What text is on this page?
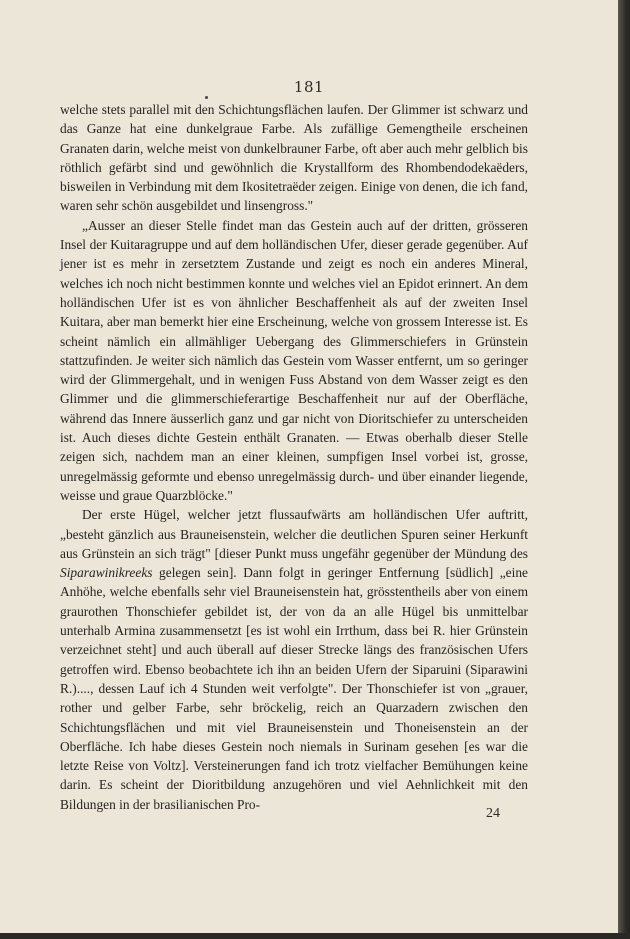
181

welche stets parallel mit den Schichtungsflächen laufen. Der Glimmer ist schwarz und das Ganze hat eine dunkelgraue Farbe. Als zufällige Gemengtheile erscheinen Granaten darin, welche meist von dunkelbrauner Farbe, oft aber auch mehr gelblich bis röthlich gefärbt sind und gewöhnlich die Krystallform des Rhombendodekaëders, bisweilen in Verbindung mit dem Ikositetraëder zeigen. Einige von denen, die ich fand, waren sehr schön ausgebildet und linsengross."

„Ausser an dieser Stelle findet man das Gestein auch auf der dritten, grösseren Insel der Kuitaragruppe und auf dem holländischen Ufer, dieser gerade gegenüber. Auf jener ist es mehr in zersetztem Zustande und zeigt es noch ein anderes Mineral, welches ich noch nicht bestimmen konnte und welches viel an Epidot erinnert. An dem holländischen Ufer ist es von ähnlicher Beschaffenheit als auf der zweiten Insel Kuitara, aber man bemerkt hier eine Erscheinung, welche von grossem Interesse ist. Es scheint nämlich ein allmähliger Uebergang des Glimmerschiefers in Grünstein stattzufinden. Je weiter sich nämlich das Gestein vom Wasser entfernt, um so geringer wird der Glimmergehalt, und in wenigen Fuss Abstand von dem Wasser zeigt es den Glimmer und die glimmerschieferartige Beschaffenheit nur auf der Oberfläche, während das Innere äusserlich ganz und gar nicht von Dioritschiefer zu unterscheiden ist. Auch dieses dichte Gestein enthält Granaten. — Etwas oberhalb dieser Stelle zeigen sich, nachdem man an einer kleinen, sumpfigen Insel vorbei ist, grosse, unregelmässig geformte und ebenso unregelmässig durch- und über einander liegende, weisse und graue Quarzblöcke."

Der erste Hügel, welcher jetzt flussaufwärts am holländischen Ufer auftritt, „besteht gänzlich aus Brauneisenstein, welcher die deutlichen Spuren seiner Herkunft aus Grünstein an sich trägt" [dieser Punkt muss ungefähr gegenüber der Mündung des Siparawinikreeks gelegen sein]. Dann folgt in geringer Entfernung [südlich] „eine Anhöhe, welche ebenfalls sehr viel Brauneisenstein hat, grösstentheils aber von einem graurothen Thonschiefer gebildet ist, der von da an alle Hügel bis unmittelbar unterhalb Armina zusammensetzt [es ist wohl ein Irrthum, dass bei R. hier Grünstein verzeichnet steht] und auch überall auf dieser Strecke längs des französischen Ufers getroffen wird. Ebenso beobachtete ich ihn an beiden Ufern der Siparuini (Siparawini R.)...., dessen Lauf ich 4 Stunden weit verfolgte". Der Thonschiefer ist von „grauer, rother und gelber Farbe, sehr bröckelig, reich an Quarzadern zwischen den Schichtungsflächen und mit viel Brauneisenstein und Thoneisenstein an der Oberfläche. Ich habe dieses Gestein noch niemals in Surinam gesehen [es war die letzte Reise von Voltz]. Versteinerungen fand ich trotz vielfacher Bemühungen keine darin. Es scheint der Dioritbildung anzugehören und viel Aehnlichkeit mit den Bildungen in der brasilianischen Pro-

24
